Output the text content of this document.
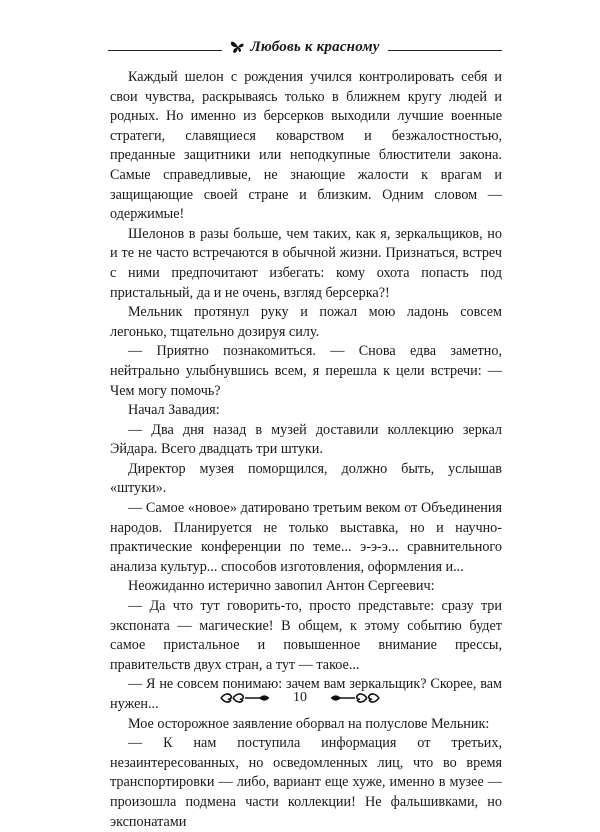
Любовь к красному

Каждый шелон с рождения учился контролировать себя и свои чувства, раскрываясь только в ближнем кругу людей и родных. Но именно из берсерков выходили лучшие военные стратеги, славящиеся коварством и безжалостностью, преданные защитники или неподкупные блюстители закона. Самые справедливые, не знающие жалости к врагам и защищающие своей стране и близким. Одним словом — одержимые!

Шелонов в разы больше, чем таких, как я, зеркальщиков, но и те не часто встречаются в обычной жизни. Признаться, встреч с ними предпочитают избегать: кому охота попасть под пристальный, да и не очень, взгляд берсерка?!

Мельник протянул руку и пожал мою ладонь совсем легонько, тщательно дозируя силу.

— Приятно познакомиться. — Снова едва заметно, нейтрально улыбнувшись всем, я перешла к цели встречи: — Чем могу помочь?

Начал Завадия:

— Два дня назад в музей доставили коллекцию зеркал Эйдара. Всего двадцать три штуки.

Директор музея поморщился, должно быть, услышав «штуки».

— Самое «новое» датировано третьим веком от Объединения народов. Планируется не только выставка, но и научно-практические конференции по теме... э-э-э... сравнительного анализа культур... способов изготовления, оформления и...

Неожиданно истерично завопил Антон Сергеевич:

— Да что тут говорить-то, просто представьте: сразу три экспоната — магические! В общем, к этому событию будет самое пристальное и повышенное внимание прессы, правительств двух стран, а тут — такое...

— Я не совсем понимаю: зачем вам зеркальщик? Скорее, вам нужен...

Мое осторожное заявление оборвал на полуслове Мельник:

— К нам поступила информация от третьих, незаинтересованных, но осведомленных лиц, что во время транспортировки — либо, вариант еще хуже, именно в музее — произошла подмена части коллекции! Не фальшивками, но экспонатами

10
